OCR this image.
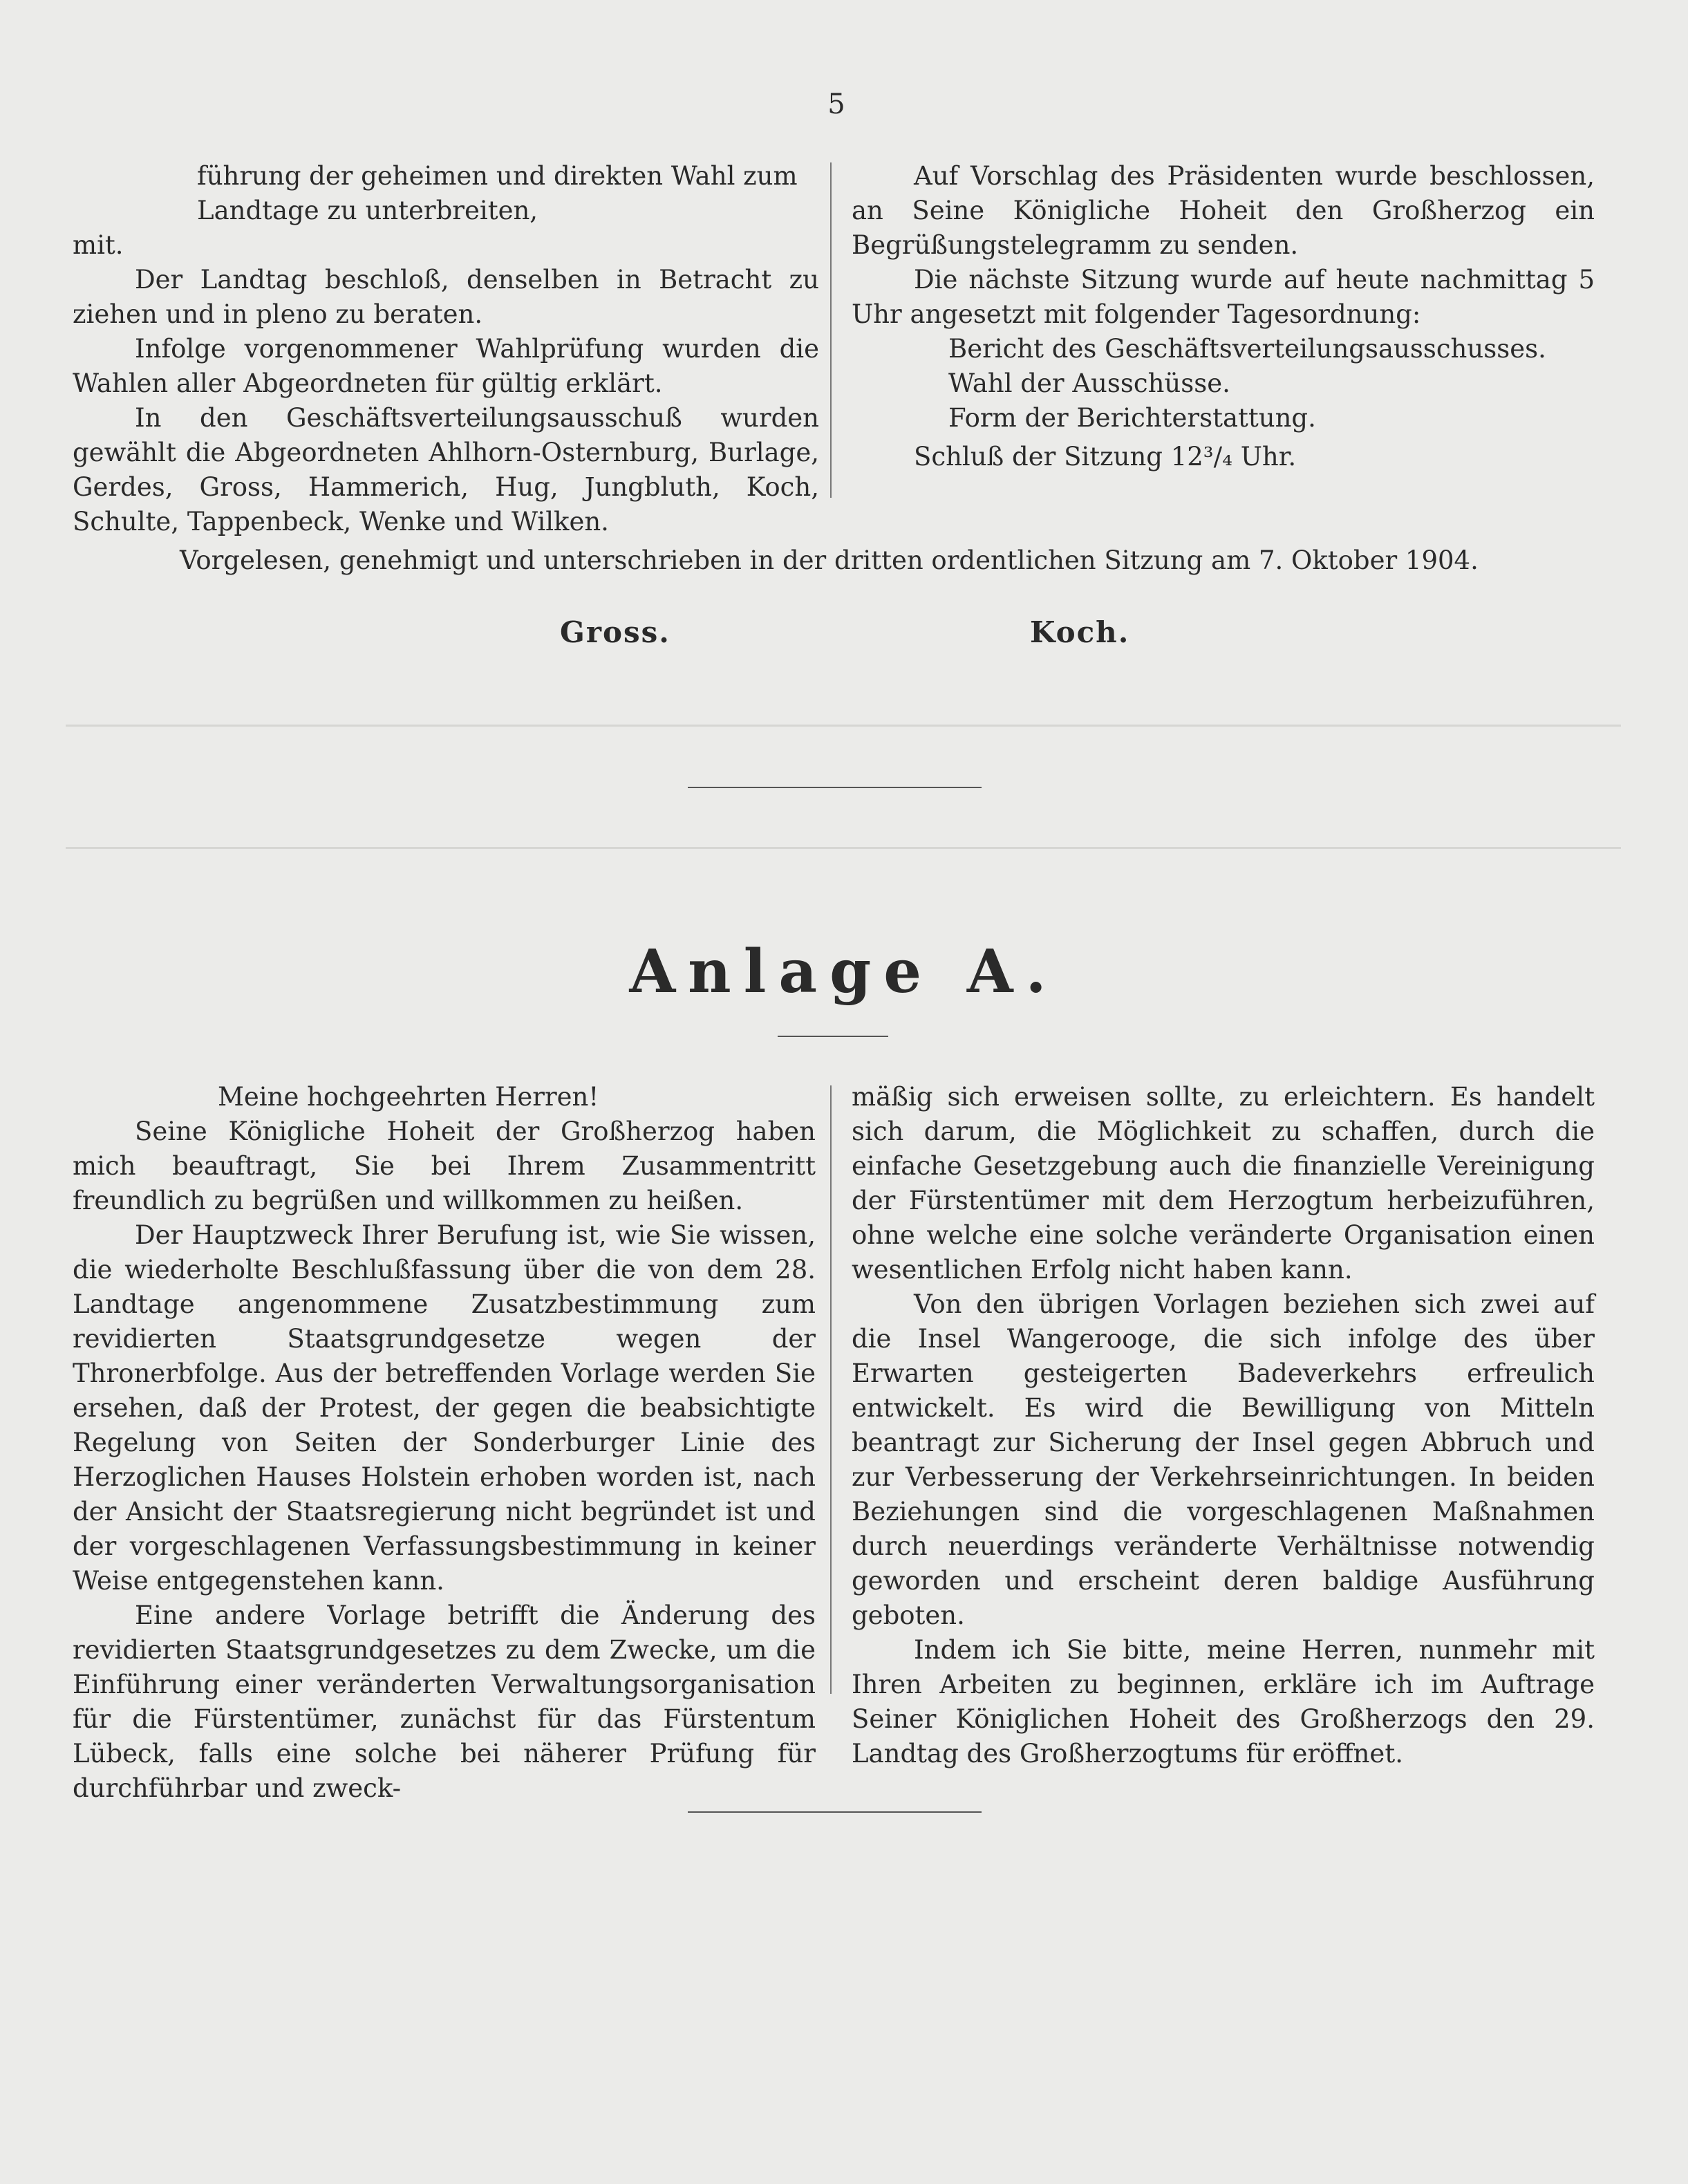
5

führung der geheimen und direkten Wahl zum

Landtage zu unterbreiten,

mit.

Der Landtag beschloß, denselben in Betracht zu ziehen und in pleno zu beraten.

Infolge vorgenommener Wahlprüfung wurden die Wahlen aller Abgeordneten für gültig erklärt.

In den Geschäftsverteilungsausschuß wurden gewählt die Abgeordneten Ahlhorn-Osternburg, Burlage, Gerdes, Gross, Hammerich, Hug, Jungbluth, Koch, Schulte, Tappenbeck, Wenke und Wilken.

Auf Vorschlag des Präsidenten wurde beschlossen, an Seine Königliche Hoheit den Großherzog ein Begrüßungstelegramm zu senden.

Die nächste Sitzung wurde auf heute nachmittag 5 Uhr angesetzt mit folgender Tagesordnung:

Bericht des Geschäftsverteilungsausschusses.

Wahl der Ausschüsse.

Form der Berichterstattung.

Schluß der Sitzung 12³/₄ Uhr.

Vorgelesen, genehmigt und unterschrieben in der dritten ordentlichen Sitzung am 7. Oktober 1904.
Gross.	Koch.
Anlage A.

Meine hochgeehrten Herren!

Seine Königliche Hoheit der Großherzog haben mich beauftragt, Sie bei Ihrem Zusammentritt freundlich zu begrüßen und willkommen zu heißen.

Der Hauptzweck Ihrer Berufung ist, wie Sie wissen, die wiederholte Beschlußfassung über die von dem 28. Landtage angenommene Zusatzbestimmung zum revidierten Staatsgrundgesetze wegen der Thronerbfolge. Aus der betreffenden Vorlage werden Sie ersehen, daß der Protest, der gegen die beabsichtigte Regelung von Seiten der Sonderburger Linie des Herzoglichen Hauses Holstein erhoben worden ist, nach der Ansicht der Staatsregierung nicht begründet ist und der vorgeschlagenen Verfassungsbestimmung in keiner Weise entgegenstehen kann.

Eine andere Vorlage betrifft die Änderung des revidierten Staatsgrundgesetzes zu dem Zwecke, um die Einführung einer veränderten Verwaltungsorganisation für die Fürstentümer, zunächst für das Fürstentum Lübeck, falls eine solche bei näherer Prüfung für durchführbar und zweck-

mäßig sich erweisen sollte, zu erleichtern. Es handelt sich darum, die Möglichkeit zu schaffen, durch die einfache Gesetzgebung auch die finanzielle Vereinigung der Fürstentümer mit dem Herzogtum herbeizuführen, ohne welche eine solche veränderte Organisation einen wesentlichen Erfolg nicht haben kann.

Von den übrigen Vorlagen beziehen sich zwei auf die Insel Wangerooge, die sich infolge des über Erwarten gesteigerten Badeverkehrs erfreulich entwickelt. Es wird die Bewilligung von Mitteln beantragt zur Sicherung der Insel gegen Abbruch und zur Verbesserung der Verkehrseinrichtungen. In beiden Beziehungen sind die vorgeschlagenen Maßnahmen durch neuerdings veränderte Verhältnisse notwendig geworden und erscheint deren baldige Ausführung geboten.

Indem ich Sie bitte, meine Herren, nunmehr mit Ihren Arbeiten zu beginnen, erkläre ich im Auftrage Seiner Königlichen Hoheit des Großherzogs den 29. Landtag des Großherzogtums für eröffnet.
